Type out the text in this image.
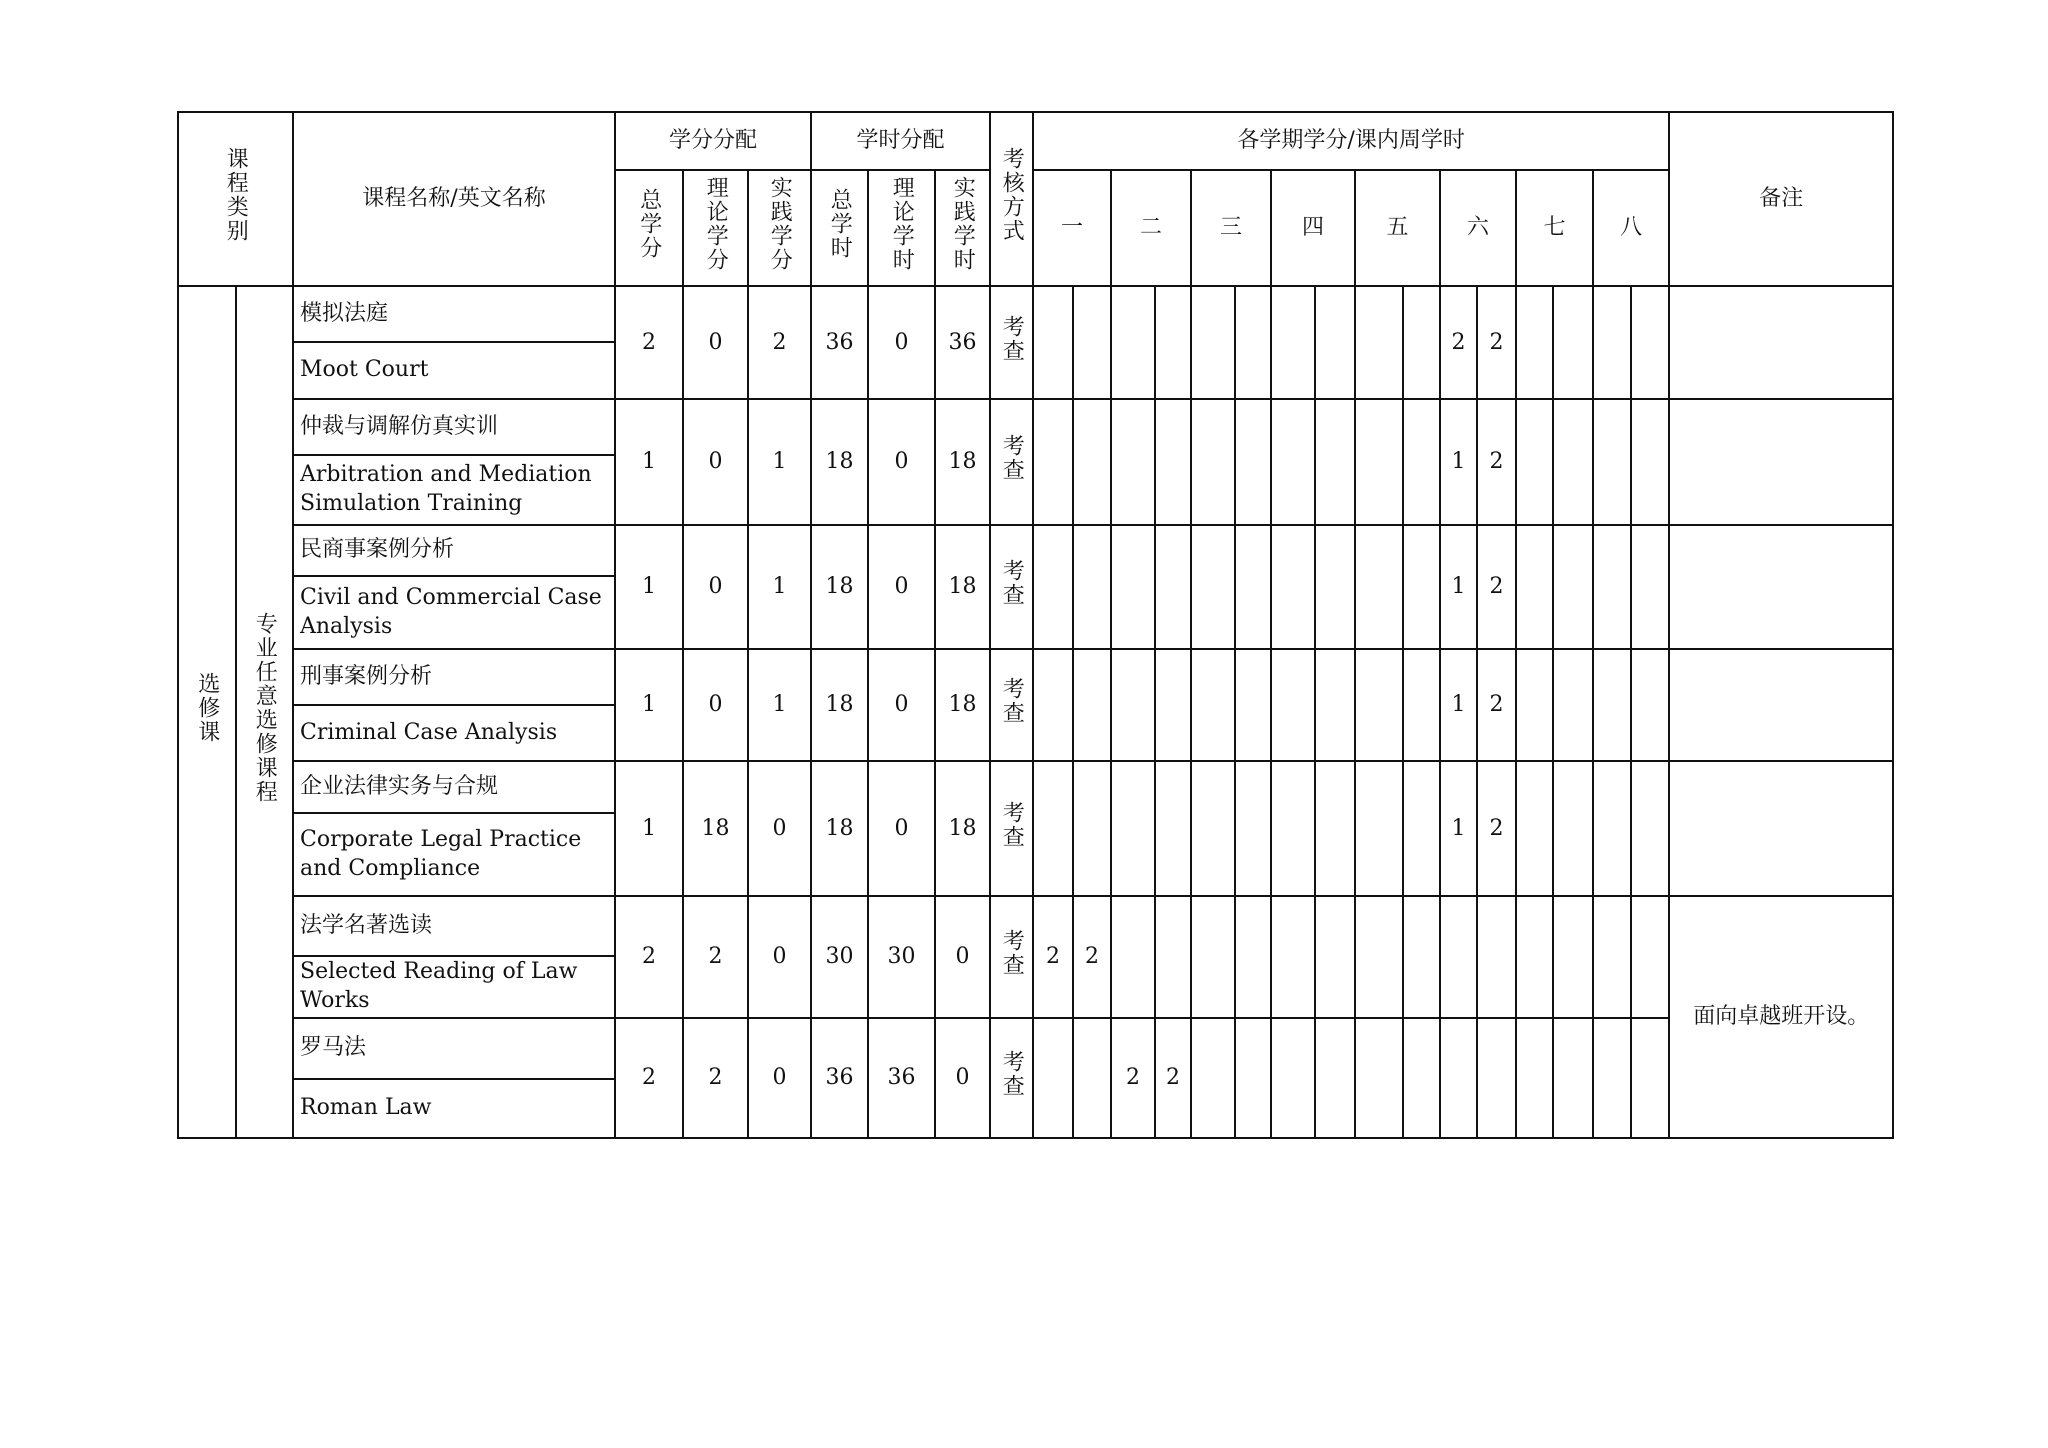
课程类别		课程名称/英文名称	学分分配			学时分配			考核方式	各学期学分/课内周学时																备注
			总学分	理论学分	实践学分	总学时	理论学时	实践学时		一		二		三		四		五		六		七		八		
选修课	专业任意选修课程	模拟法庭	2	0	2	36	0	36	考查											2	2					
		Moot Court																								
		仲裁与调解仿真实训	1	0	1	18	0	18	考查											1	2					
		Arbitration and Mediation Simulation Training																								
		民商事案例分析	1	0	1	18	0	18	考查											1	2					
		Civil and Commercial Case Analysis																								
		刑事案例分析	1	0	1	18	0	18	考查											1	2					
		Criminal Case Analysis																								
		企业法律实务与合规	1	18	0	18	0	18	考查											1	2					
		Corporate Legal Practice and Compliance																								
		法学名著选读	2	2	0	30	30	0	考查	2	2															面向卓越班开设。
		Selected Reading of Law Works																								
		罗马法	2	2	0	36	36	0	考查			2	2													
		Roman Law																								
